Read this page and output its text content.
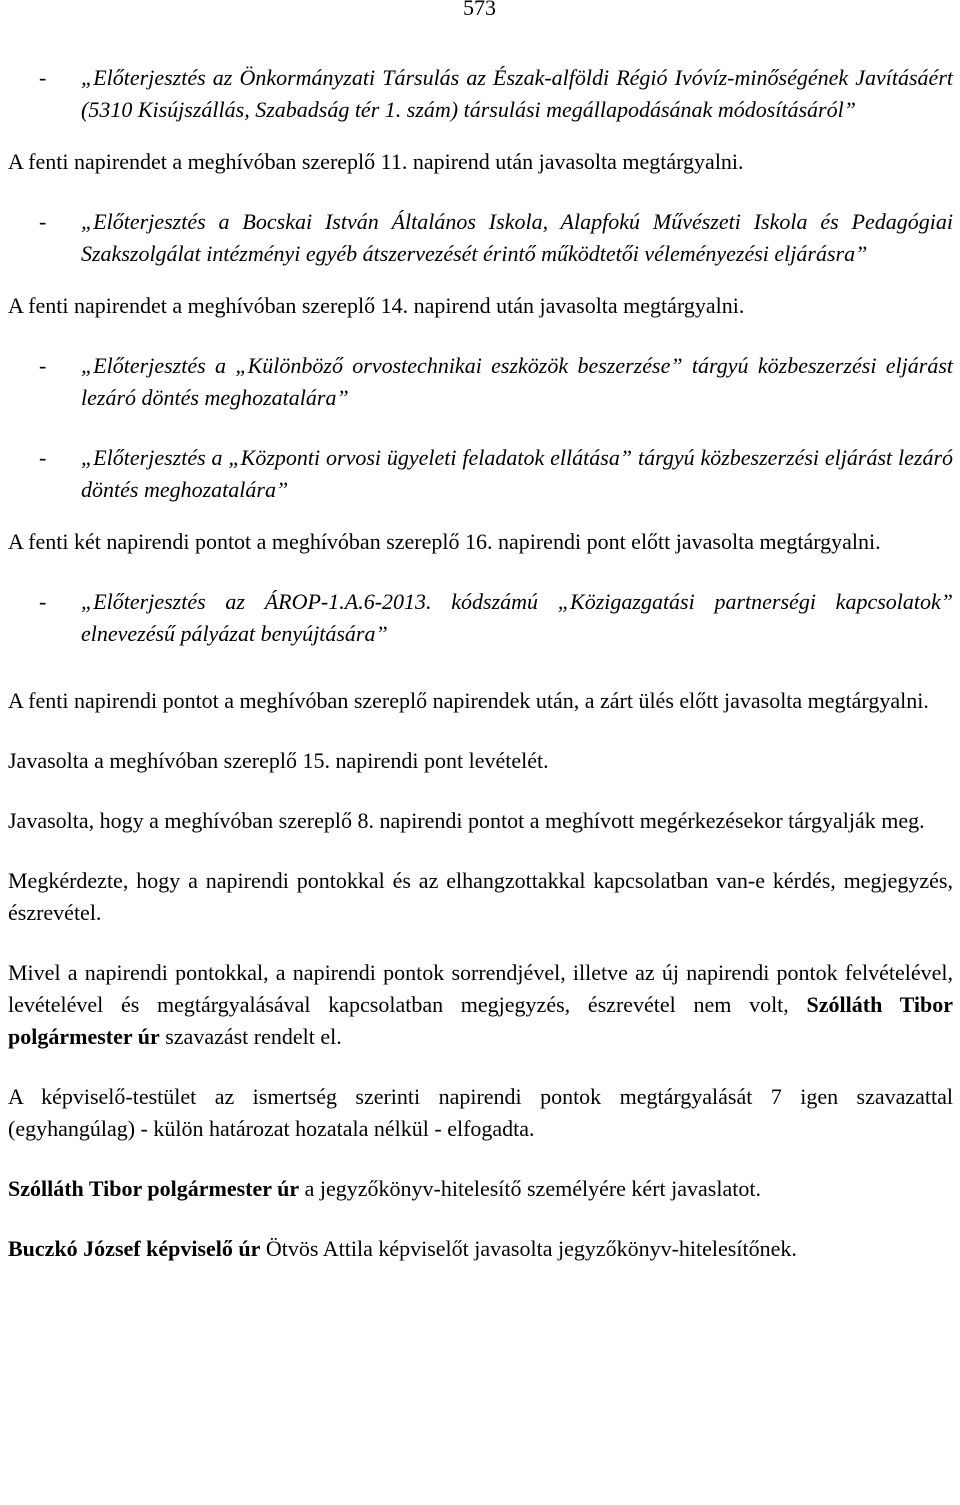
573

- „Előterjesztés az Önkormányzati Társulás az Észak-alföldi Régió Ivóvíz-minőségének Javításáért (5310 Kisújszállás, Szabadság tér 1. szám) társulási megállapodásának módosításáról”

A fenti napirendet a meghívóban szereplő 11. napirend után javasolta megtárgyalni.

- „Előterjesztés a Bocskai István Általános Iskola, Alapfokú Művészeti Iskola és Pedagógiai Szakszolgálat intézményi egyéb átszervezését érintő működtetői véleményezési eljárásra”

A fenti napirendet a meghívóban szereplő 14. napirend után javasolta megtárgyalni.

- „Előterjesztés a „Különböző orvostechnikai eszközök beszerzése” tárgyú közbeszerzési eljárást lezáró döntés meghozatalára”

- „Előterjesztés a „Központi orvosi ügyeleti feladatok ellátása” tárgyú közbeszerzési eljárást lezáró döntés meghozatalára”

A fenti két napirendi pontot a meghívóban szereplő 16. napirendi pont előtt javasolta megtárgyalni.

- „Előterjesztés az ÁROP-1.A.6-2013. kódszámú „Közigazgatási partnerségi kapcsolatok” elnevezésű pályázat benyújtására”

A fenti napirendi pontot a meghívóban szereplő napirendek után, a zárt ülés előtt javasolta megtárgyalni.

Javasolta a meghívóban szereplő 15. napirendi pont levételét.

Javasolta, hogy a meghívóban szereplő 8. napirendi pontot a meghívott megérkezésekor tárgyalják meg.

Megkérdezte, hogy a napirendi pontokkal és az elhangzottakkal kapcsolatban van-e kérdés, megjegyzés, észrevétel.

Mivel a napirendi pontokkal, a napirendi pontok sorrendjével, illetve az új napirendi pontok felvételével, levételével és megtárgyalásával kapcsolatban megjegyzés, észrevétel nem volt, Szólláth Tibor polgármester úr szavazást rendelt el.

A képviselő-testület az ismertség szerinti napirendi pontok megtárgyalását 7 igen szavazattal (egyhangúlag) - külön határozat hozatala nélkül - elfogadta.

Szólláth Tibor polgármester úr a jegyzőkönyv-hitelesítő személyére kért javaslatot.

Buczkó József képviselő úr Ötvös Attila képviselőt javasolta jegyzőkönyv-hitelesítőnek.
